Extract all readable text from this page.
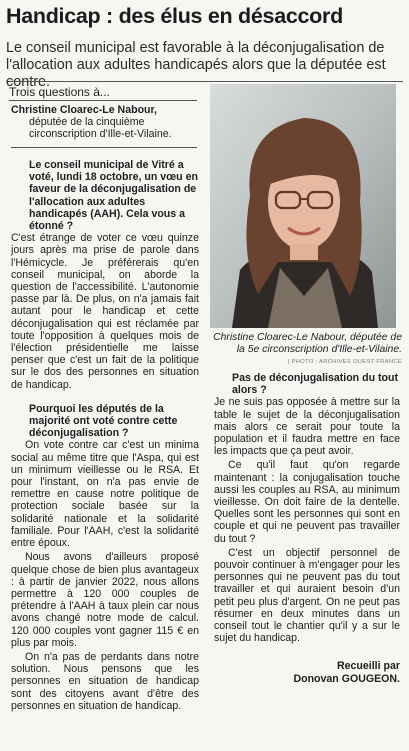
Handicap : des élus en désaccord
Le conseil municipal est favorable à la déconjugalisation de l'allocation aux adultes handicapés alors que la députée est contre.
Trois questions à...

Christine Cloarec-Le Nabour,

députée de la cinquième

circonscription d'Ille-et-Vilaine.

Le conseil municipal de Vitré a voté, lundi 18 octobre, un vœu en faveur de la déconjugalisation de l'allocation aux adultes handicapés (AAH). Cela vous a étonné ?

C'est étrange de voter ce vœu quinze jours après ma prise de parole dans l'Hémicycle. Je préférerais qu'en conseil municipal, on aborde la question de l'accessibilité. L'autonomie passe par là. De plus, on n'a jamais fait autant pour le handicap et cette déconjugalisation qui est réclamée par toute l'opposition à quelques mois de l'élection présidentielle me laisse penser que c'est un fait de la politique sur le dos des personnes en situation de handicap.

Pourquoi les députés de la majorité ont voté contre cette déconjugalisation ?

On vote contre car c'est un minima social au même titre que l'Aspa, qui est un minimum vieillesse ou le RSA. Et pour l'instant, on n'a pas envie de remettre en cause notre politique de protection sociale basée sur la solidarité nationale et la solidarité familiale. Pour l'AAH, c'est la solidarité entre époux.

Nous avons d'ailleurs proposé quelque chose de bien plus avantageux : à partir de janvier 2022, nous allons permettre à 120 000 couples de prétendre à l'AAH à taux plein car nous avons changé notre mode de calcul. 120 000 couples vont gagner 115 € en plus par mois.

On n'a pas de perdants dans notre solution. Nous pensons que les personnes en situation de handicap sont des citoyens avant d'être des personnes en situation de handicap.

Christine Cloarec-Le Nabour, députée de la 5e circonscription d'Ille-et-Vilaine.
| PHOTO : ARCHIVES OUEST-FRANCE

Pas de déconjugalisation du tout alors ?

Je ne suis pas opposée à mettre sur la table le sujet de la déconjugalisation mais alors ce serait pour toute la population et il faudra mettre en face les impacts que ça peut avoir.

Ce qu'il faut qu'on regarde maintenant : la conjugalisation touche aussi les couples au RSA, au minimum vieillesse. On doit faire de la dentelle. Quelles sont les personnes qui sont en couple et qui ne peuvent pas travailler du tout ?

C'est un objectif personnel de pouvoir continuer à m'engager pour les personnes qui ne peuvent pas du tout travailler et qui auraient besoin d'un petit peu plus d'argent. On ne peut pas résumer en deux minutes dans un conseil tout le chantier qu'il y a sur le sujet du handicap.

Recueilli par

Donovan GOUGEON.
